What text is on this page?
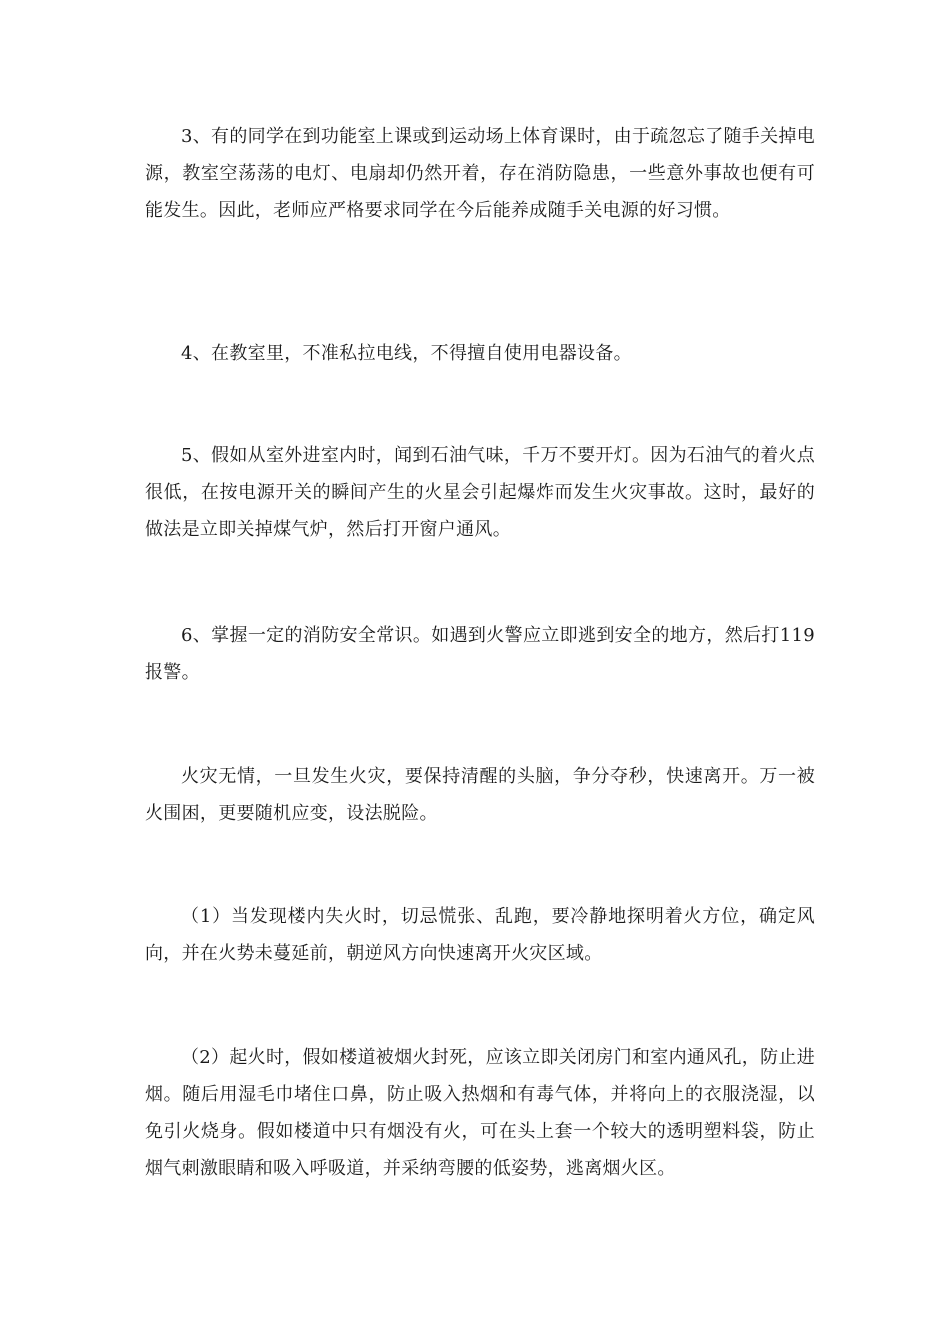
3、有的同学在到功能室上课或到运动场上体育课时，由于疏忽忘了随手关掉电源，教室空荡荡的电灯、电扇却仍然开着，存在消防隐患，一些意外事故也便有可能发生。因此，老师应严格要求同学在今后能养成随手关电源的好习惯。

4、在教室里，不准私拉电线，不得擅自使用电器设备。

5、假如从室外进室内时，闻到石油气味，千万不要开灯。因为石油气的着火点很低，在按电源开关的瞬间产生的火星会引起爆炸而发生火灾事故。这时，最好的做法是立即关掉煤气炉，然后打开窗户通风。

6、掌握一定的消防安全常识。如遇到火警应立即逃到安全的地方，然后打119报警。

火灾无情，一旦发生火灾，要保持清醒的头脑，争分夺秒，快速离开。万一被火围困，更要随机应变，设法脱险。

（1）当发现楼内失火时，切忌慌张、乱跑，要冷静地探明着火方位，确定风向，并在火势未蔓延前，朝逆风方向快速离开火灾区域。

（2）起火时，假如楼道被烟火封死，应该立即关闭房门和室内通风孔，防止进烟。随后用湿毛巾堵住口鼻，防止吸入热烟和有毒气体，并将向上的衣服浇湿，以免引火烧身。假如楼道中只有烟没有火，可在头上套一个较大的透明塑料袋，防止烟气刺激眼睛和吸入呼吸道，并采纳弯腰的低姿势，逃离烟火区。
